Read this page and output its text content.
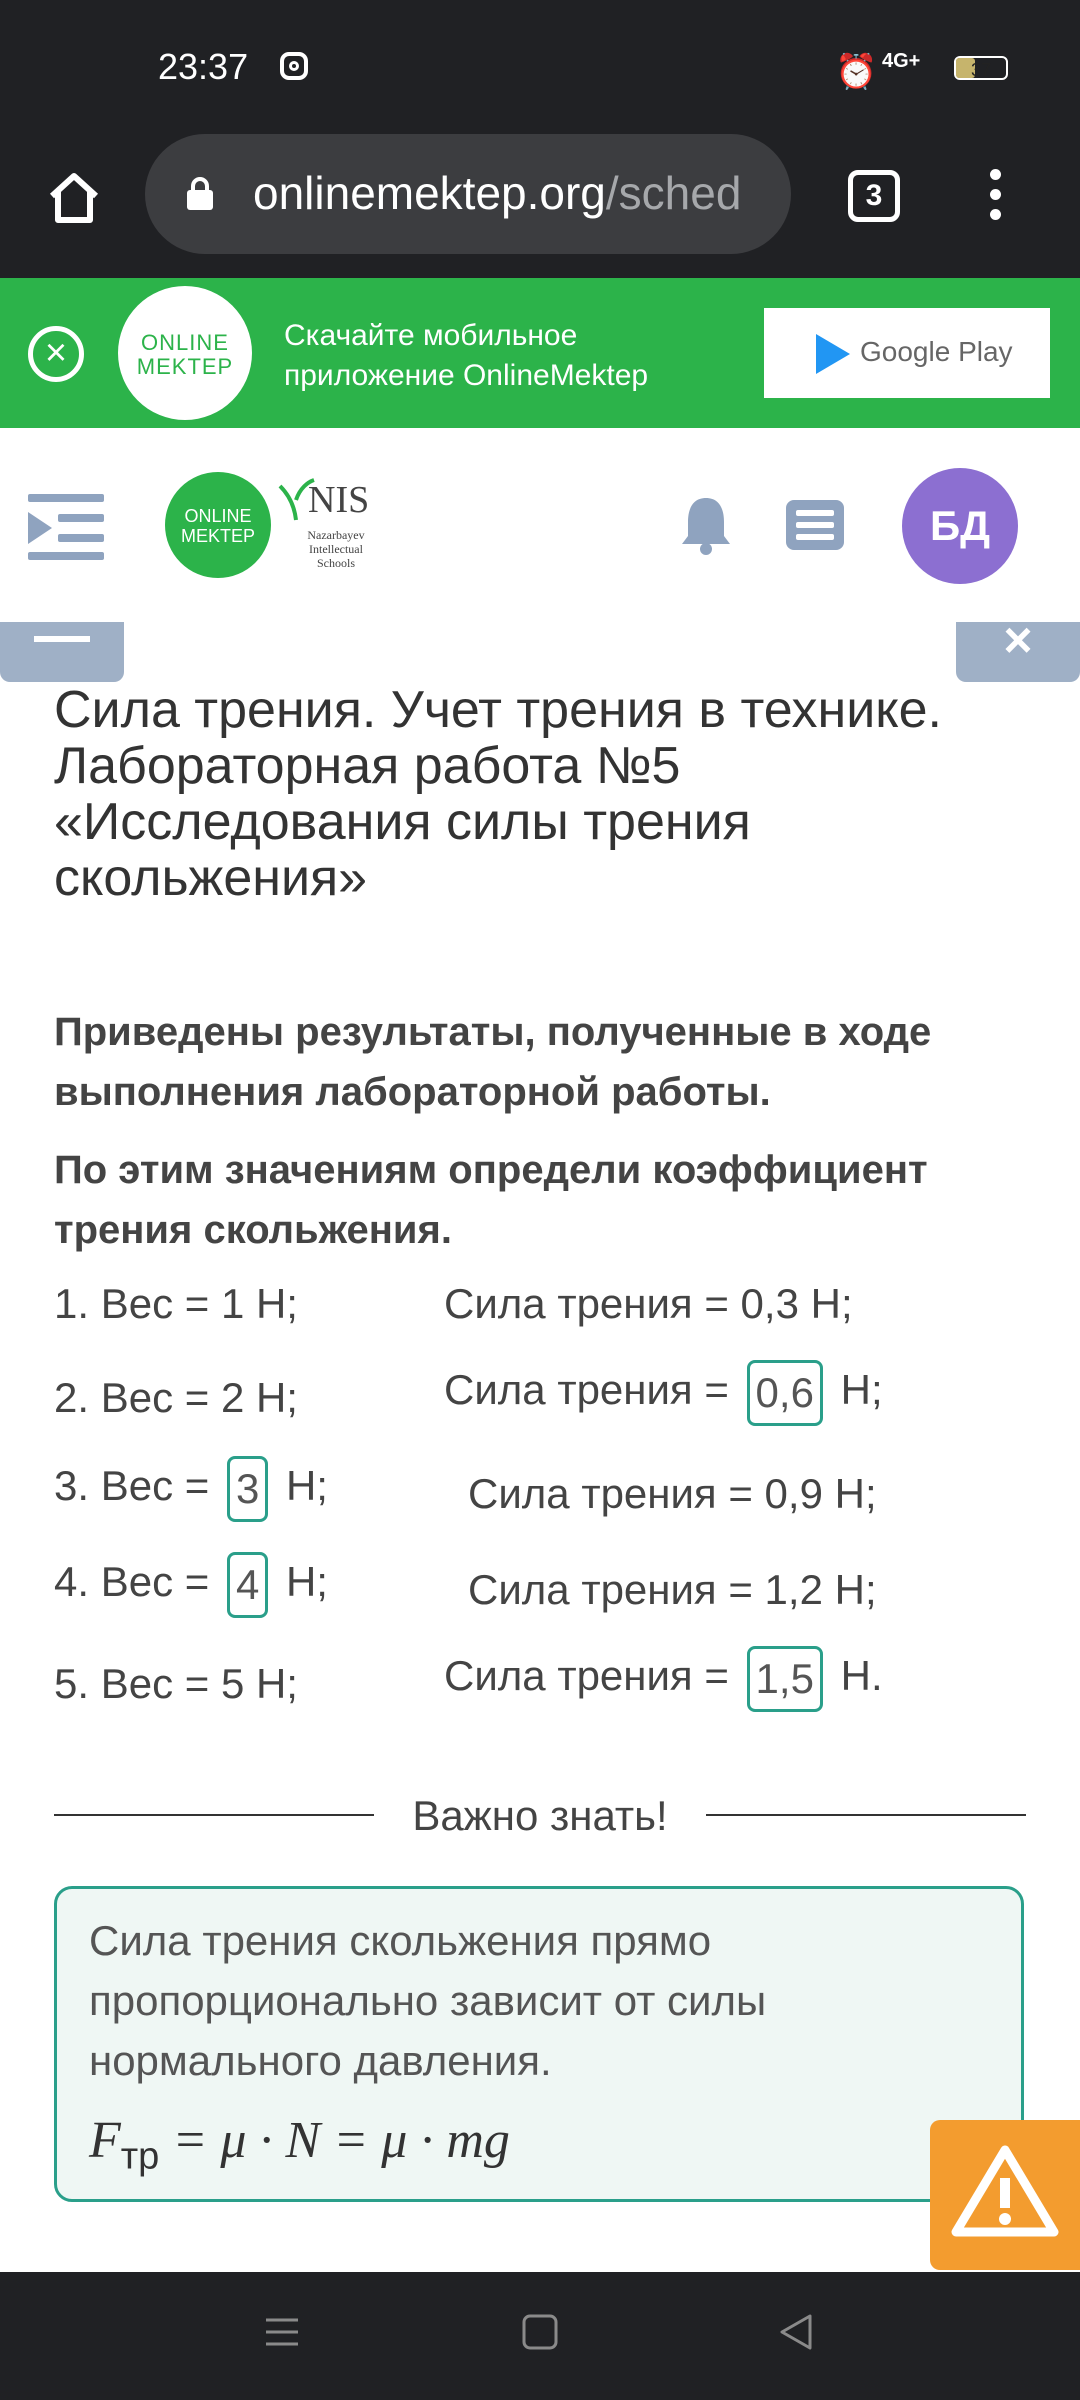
23:37	⏰ 4G+	37
onlinemektep.org/sched	3
×	ONLINE
MEKTEP
Скачайте мобильное
приложение OnlineMektep
Google Play
ONLINE
MEKTEP
NIS
Nazarbayev
Intellectual
Schools
БД
×
Сила трения. Учет трения в технике. Лабораторная работа №5 «Исследования силы трения скольжения»
Приведены результаты, полученные в ходе выполнения лабораторной работы.
По этим значениям определи коэффициент трения скольжения.
1. Вес = 1 Н;	Сила трения = 0,3 Н;
2. Вес = 2 Н;	Сила трения = 0,6 Н;
3. Вес = 3 Н;	Сила трения = 0,9 Н;
4. Вес = 4 Н;	Сила трения = 1,2 Н;
5. Вес = 5 Н;	Сила трения = 1,5 Н.
Важно знать!
Сила трения скольжения прямо пропорционально зависит от силы нормального давления.
$F_{тр} = \mu \cdot N = \mu$ · mg
